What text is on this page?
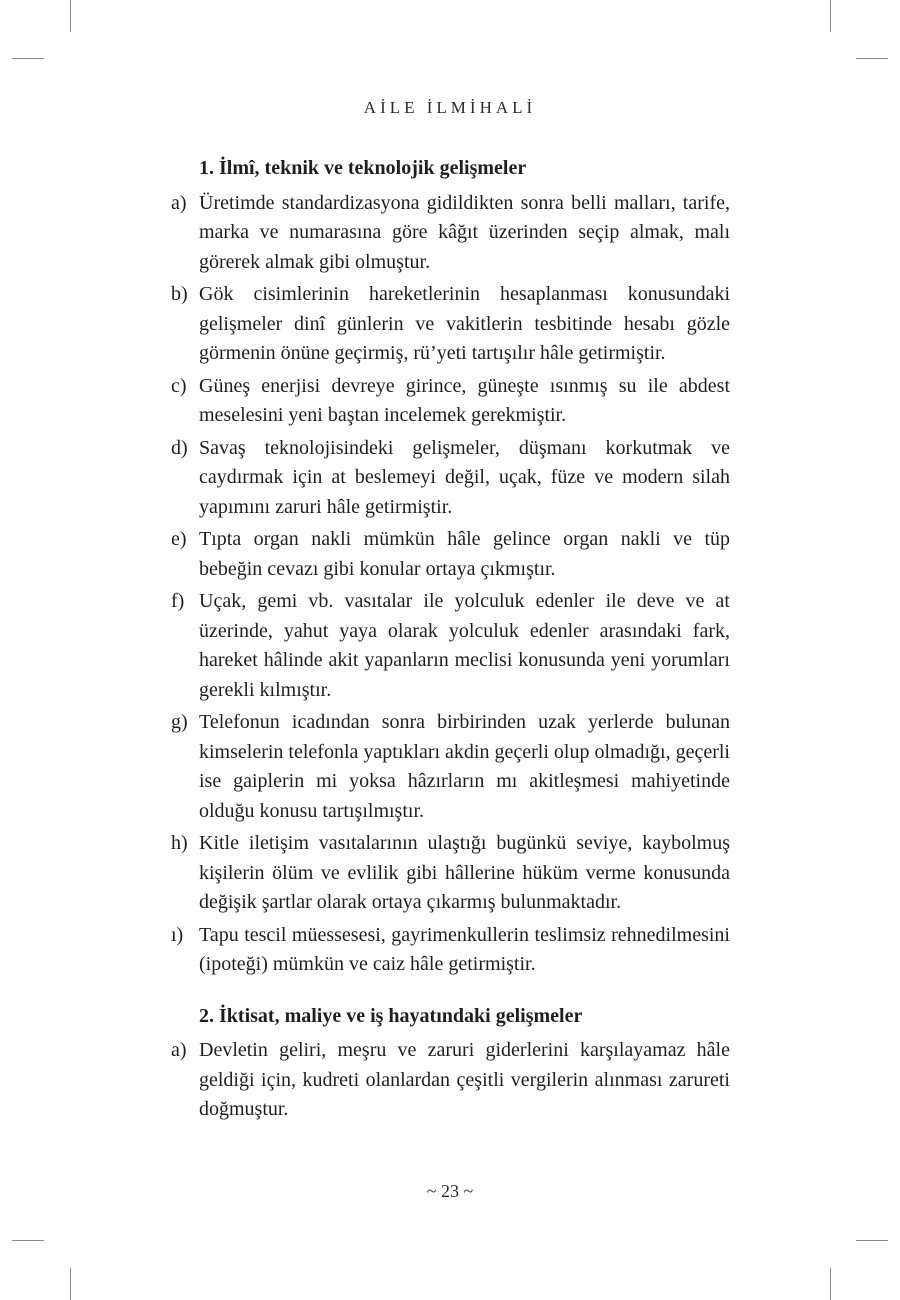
AİLE İLMİHALİ
1. İlmî, teknik ve teknolojik gelişmeler
a) Üretimde standardizasyona gidildikten sonra belli malları, tarife, marka ve numarasına göre kâğıt üzerinden seçip almak, malı görerek almak gibi olmuştur.
b) Gök cisimlerinin hareketlerinin hesaplanması konusundaki gelişmeler dinî günlerin ve vakitlerin tesbitinde hesabı gözle görmenin önüne geçirmiş, rü’yeti tartışılır hâle getirmiştir.
c) Güneş enerjisi devreye girince, güneşte ısınmış su ile abdest meselesini yeni baştan incelemek gerekmiştir.
d) Savaş teknolojisindeki gelişmeler, düşmanı korkutmak ve caydırmak için at beslemeyi değil, uçak, füze ve modern silah yapımını zaruri hâle getirmiştir.
e) Tıpta organ nakli mümkün hâle gelince organ nakli ve tüp bebeğin cevazı gibi konular ortaya çıkmıştır.
f) Uçak, gemi vb. vasıtalar ile yolculuk edenler ile deve ve at üzerinde, yahut yaya olarak yolculuk edenler arasındaki fark, hareket hâlinde akit yapanların meclisi konusunda yeni yorumları gerekli kılmıştır.
g) Telefonun icadından sonra birbirinden uzak yerlerde bulunan kimselerin telefonla yaptıkları akdin geçerli olup olmadığı, geçerli ise gaiplerin mi yoksa hâzırların mı akitleşmesi mahiyetinde olduğu konusu tartışılmıştır.
h) Kitle iletişim vasıtalarının ulaştığı bugünkü seviye, kaybolmuş kişilerin ölüm ve evlilik gibi hâllerine hüküm verme konusunda değişik şartlar olarak ortaya çıkarmış bulunmaktadır.
ı) Tapu tescil müessesesi, gayrimenkullerin teslimsiz rehnedilmesini (ipoteği) mümkün ve caiz hâle getirmiştir.
2. İktisat, maliye ve iş hayatındaki gelişmeler
a) Devletin geliri, meşru ve zaruri giderlerini karşılayamaz hâle geldiği için, kudreti olanlardan çeşitli vergilerin alınması zarureti doğmuştur.
~ 23 ~
